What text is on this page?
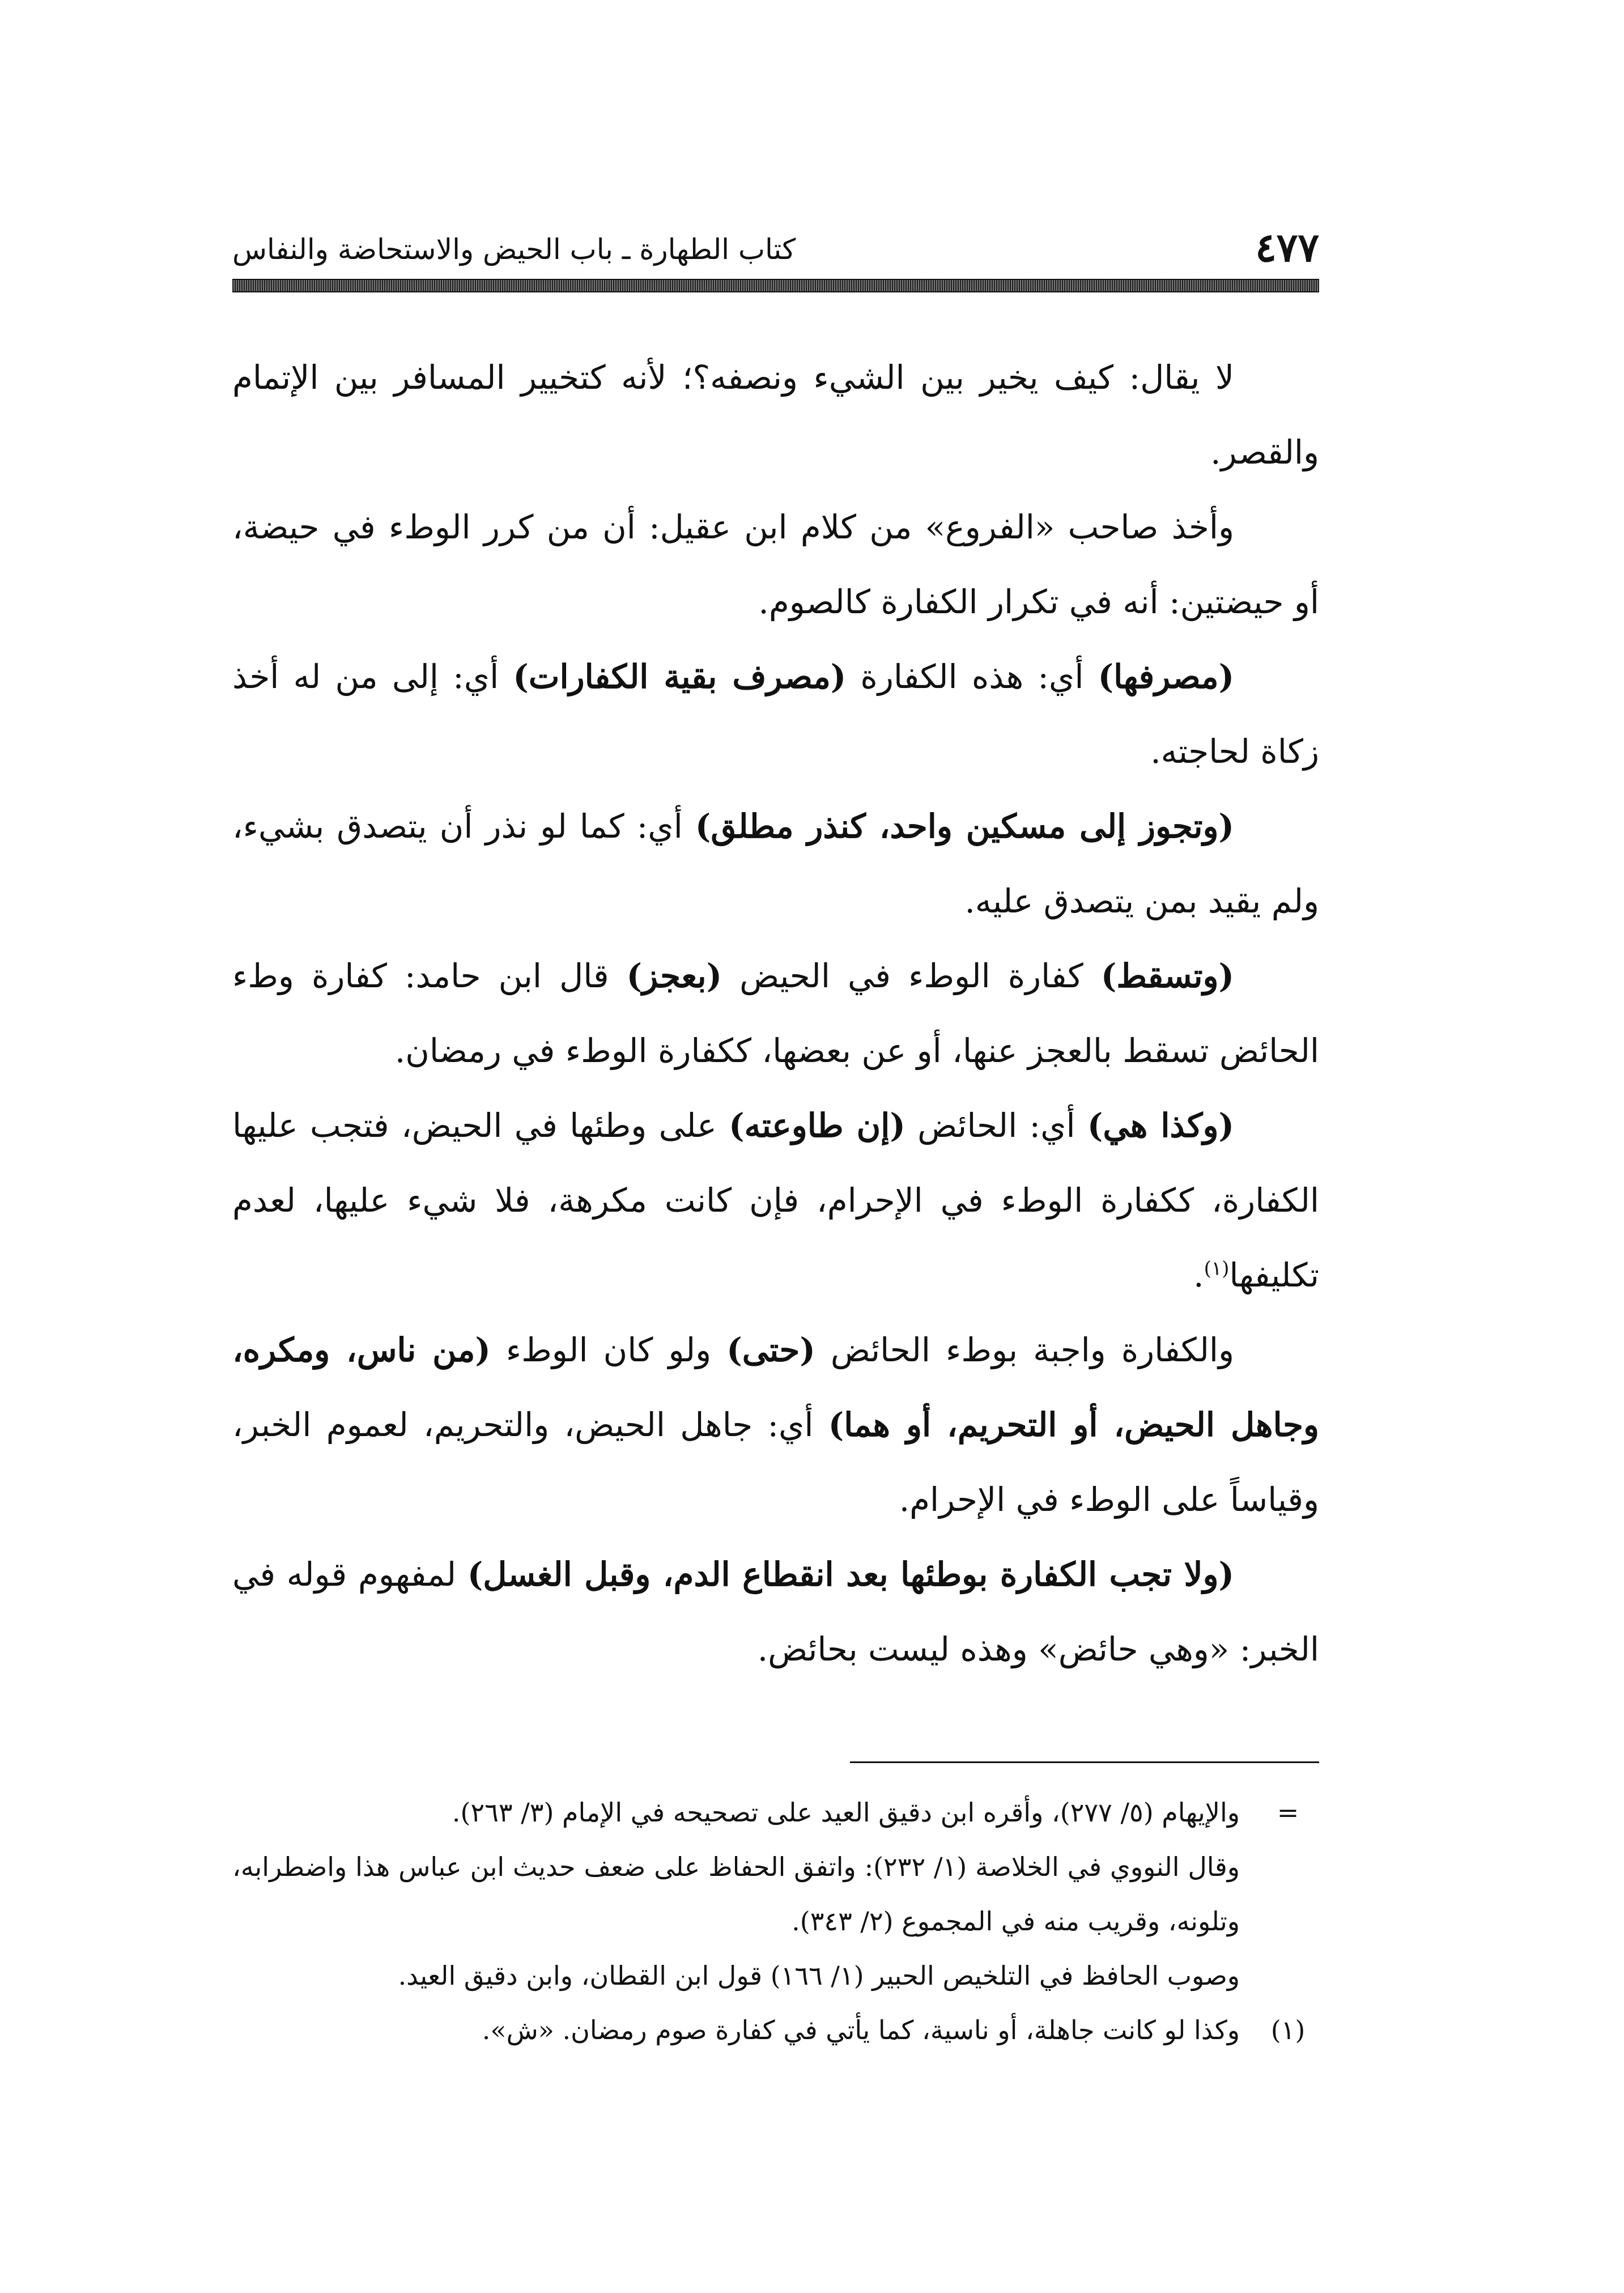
٤٧٧
كتاب الطهارة ـ باب الحيض والاستحاضة والنفاس

لا يقال: كيف يخير بين الشيء ونصفه؟؛ لأنه كتخيير المسافر بين الإتمام والقصر.

وأخذ صاحب «الفروع» من كلام ابن عقيل: أن من كرر الوطء في حيضة، أو حيضتين: أنه في تكرار الكفارة كالصوم.

(مصرفها) أي: هذه الكفارة (مصرف بقية الكفارات) أي: إلى من له أخذ زكاة لحاجته.

(وتجوز إلى مسكين واحد، كنذر مطلق) أي: كما لو نذر أن يتصدق بشيء، ولم يقيد بمن يتصدق عليه.

(وتسقط) كفارة الوطء في الحيض (بعجز) قال ابن حامد: كفارة وطء الحائض تسقط بالعجز عنها، أو عن بعضها، ككفارة الوطء في رمضان.

(وكذا هي) أي: الحائض (إن طاوعته) على وطئها في الحيض، فتجب عليها الكفارة، ككفارة الوطء في الإحرام، فإن كانت مكرهة، فلا شيء عليها، لعدم تكليفها$^{(١)}$.

والكفارة واجبة بوطء الحائض (حتى) ولو كان الوطء (من ناس، ومكره، وجاهل الحيض، أو التحريم، أو هما) أي: جاهل الحيض، والتحريم، لعموم الخبر، وقياساً على الوطء في الإحرام.

(ولا تجب الكفارة بوطئها بعد انقطاع الدم، وقبل الغسل) لمفهوم قوله في الخبر: «وهي حائض» وهذه ليست بحائض.

=

والإيهام (٥/ ٢٧٧)، وأقره ابن دقيق العيد على تصحيحه في الإمام (٣/ ٢٦٣).

وقال النووي في الخلاصة (١/ ٢٣٢): واتفق الحفاظ على ضعف حديث ابن عباس هذا واضطرابه، وتلونه، وقريب منه في المجموع (٢/ ٣٤٣).

وصوب الحافظ في التلخيص الحبير (١/ ١٦٦) قول ابن القطان، وابن دقيق العيد.

(١)

وكذا لو كانت جاهلة، أو ناسية، كما يأتي في كفارة صوم رمضان. «ش».
